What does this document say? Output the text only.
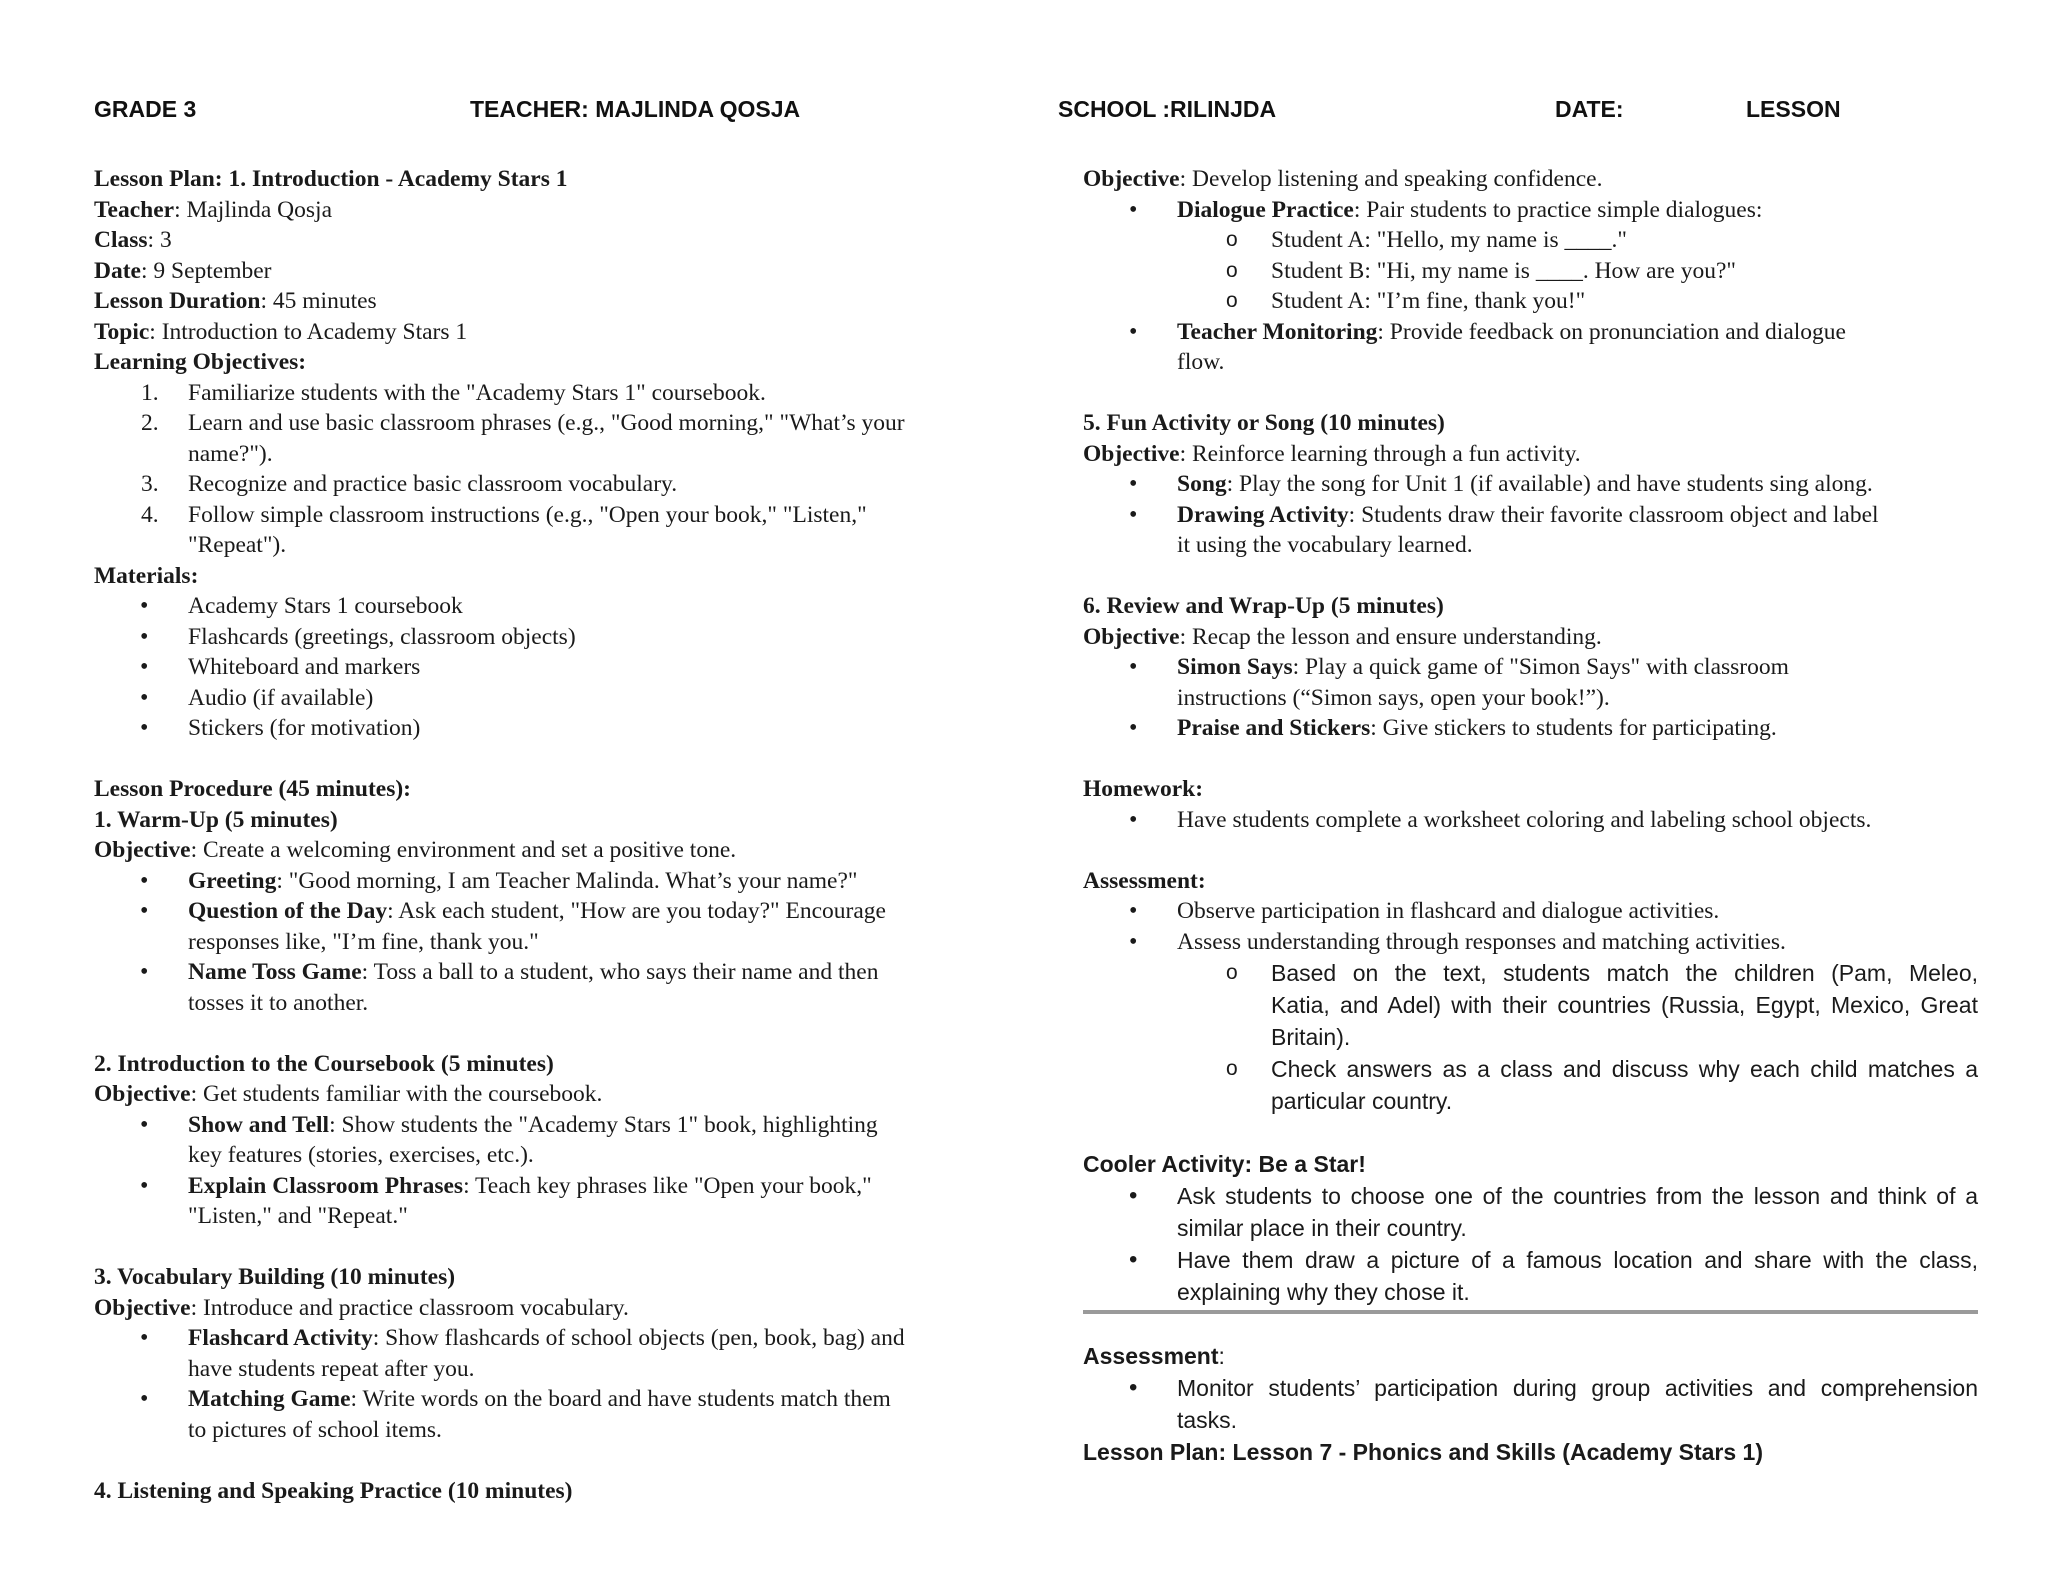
GRADE 3	TEACHER: MAJLINDA QOSJA	SCHOOL :RILINJDA	DATE:	LESSON
Lesson Plan: 1. Introduction - Academy Stars 1
Teacher: Majlinda Qosja
Class: 3
Date: 9 September
Lesson Duration: 45 minutes
Topic: Introduction to Academy Stars 1
Learning Objectives:
1. Familiarize students with the "Academy Stars 1" coursebook.
2. Learn and use basic classroom phrases (e.g., "Good morning," "What’s your
name?").
3. Recognize and practice basic classroom vocabulary.
4. Follow simple classroom instructions (e.g., "Open your book," "Listen,"
"Repeat").
Materials:
• Academy Stars 1 coursebook
• Flashcards (greetings, classroom objects)
• Whiteboard and markers
• Audio (if available)
• Stickers (for motivation)
Lesson Procedure (45 minutes):
1. Warm-Up (5 minutes)
Objective: Create a welcoming environment and set a positive tone.
• Greeting: "Good morning, I am Teacher Malinda. What’s your name?"
• Question of the Day: Ask each student, "How are you today?" Encourage
responses like, "I’m fine, thank you."
• Name Toss Game: Toss a ball to a student, who says their name and then
tosses it to another.
2. Introduction to the Coursebook (5 minutes)
Objective: Get students familiar with the coursebook.
• Show and Tell: Show students the "Academy Stars 1" book, highlighting
key features (stories, exercises, etc.).
• Explain Classroom Phrases: Teach key phrases like "Open your book,"
"Listen," and "Repeat."
3. Vocabulary Building (10 minutes)
Objective: Introduce and practice classroom vocabulary.
• Flashcard Activity: Show flashcards of school objects (pen, book, bag) and
have students repeat after you.
• Matching Game: Write words on the board and have students match them
to pictures of school items.
4. Listening and Speaking Practice (10 minutes)
Objective: Develop listening and speaking confidence.
• Dialogue Practice: Pair students to practice simple dialogues:
o Student A: "Hello, my name is ____."
o Student B: "Hi, my name is ____. How are you?"
o Student A: "I’m fine, thank you!"
• Teacher Monitoring: Provide feedback on pronunciation and dialogue
flow.
5. Fun Activity or Song (10 minutes)
Objective: Reinforce learning through a fun activity.
• Song: Play the song for Unit 1 (if available) and have students sing along.
• Drawing Activity: Students draw their favorite classroom object and label
it using the vocabulary learned.
6. Review and Wrap-Up (5 minutes)
Objective: Recap the lesson and ensure understanding.
• Simon Says: Play a quick game of "Simon Says" with classroom
instructions (“Simon says, open your book!”).
• Praise and Stickers: Give stickers to students for participating.
Homework:
• Have students complete a worksheet coloring and labeling school objects.
Assessment:
• Observe participation in flashcard and dialogue activities.
• Assess understanding through responses and matching activities.
o Based on the text, students match the children (Pam, Meleo,
Katia, and Adel) with their countries (Russia, Egypt, Mexico, Great
Britain).
o Check answers as a class and discuss why each child matches a
particular country.
Cooler Activity: Be a Star!
• Ask students to choose one of the countries from the lesson and think of a
similar place in their country.
• Have them draw a picture of a famous location and share with the class,
explaining why they chose it.
Assessment:
• Monitor students’ participation during group activities and comprehension
tasks.
Lesson Plan: Lesson 7 - Phonics and Skills (Academy Stars 1)
